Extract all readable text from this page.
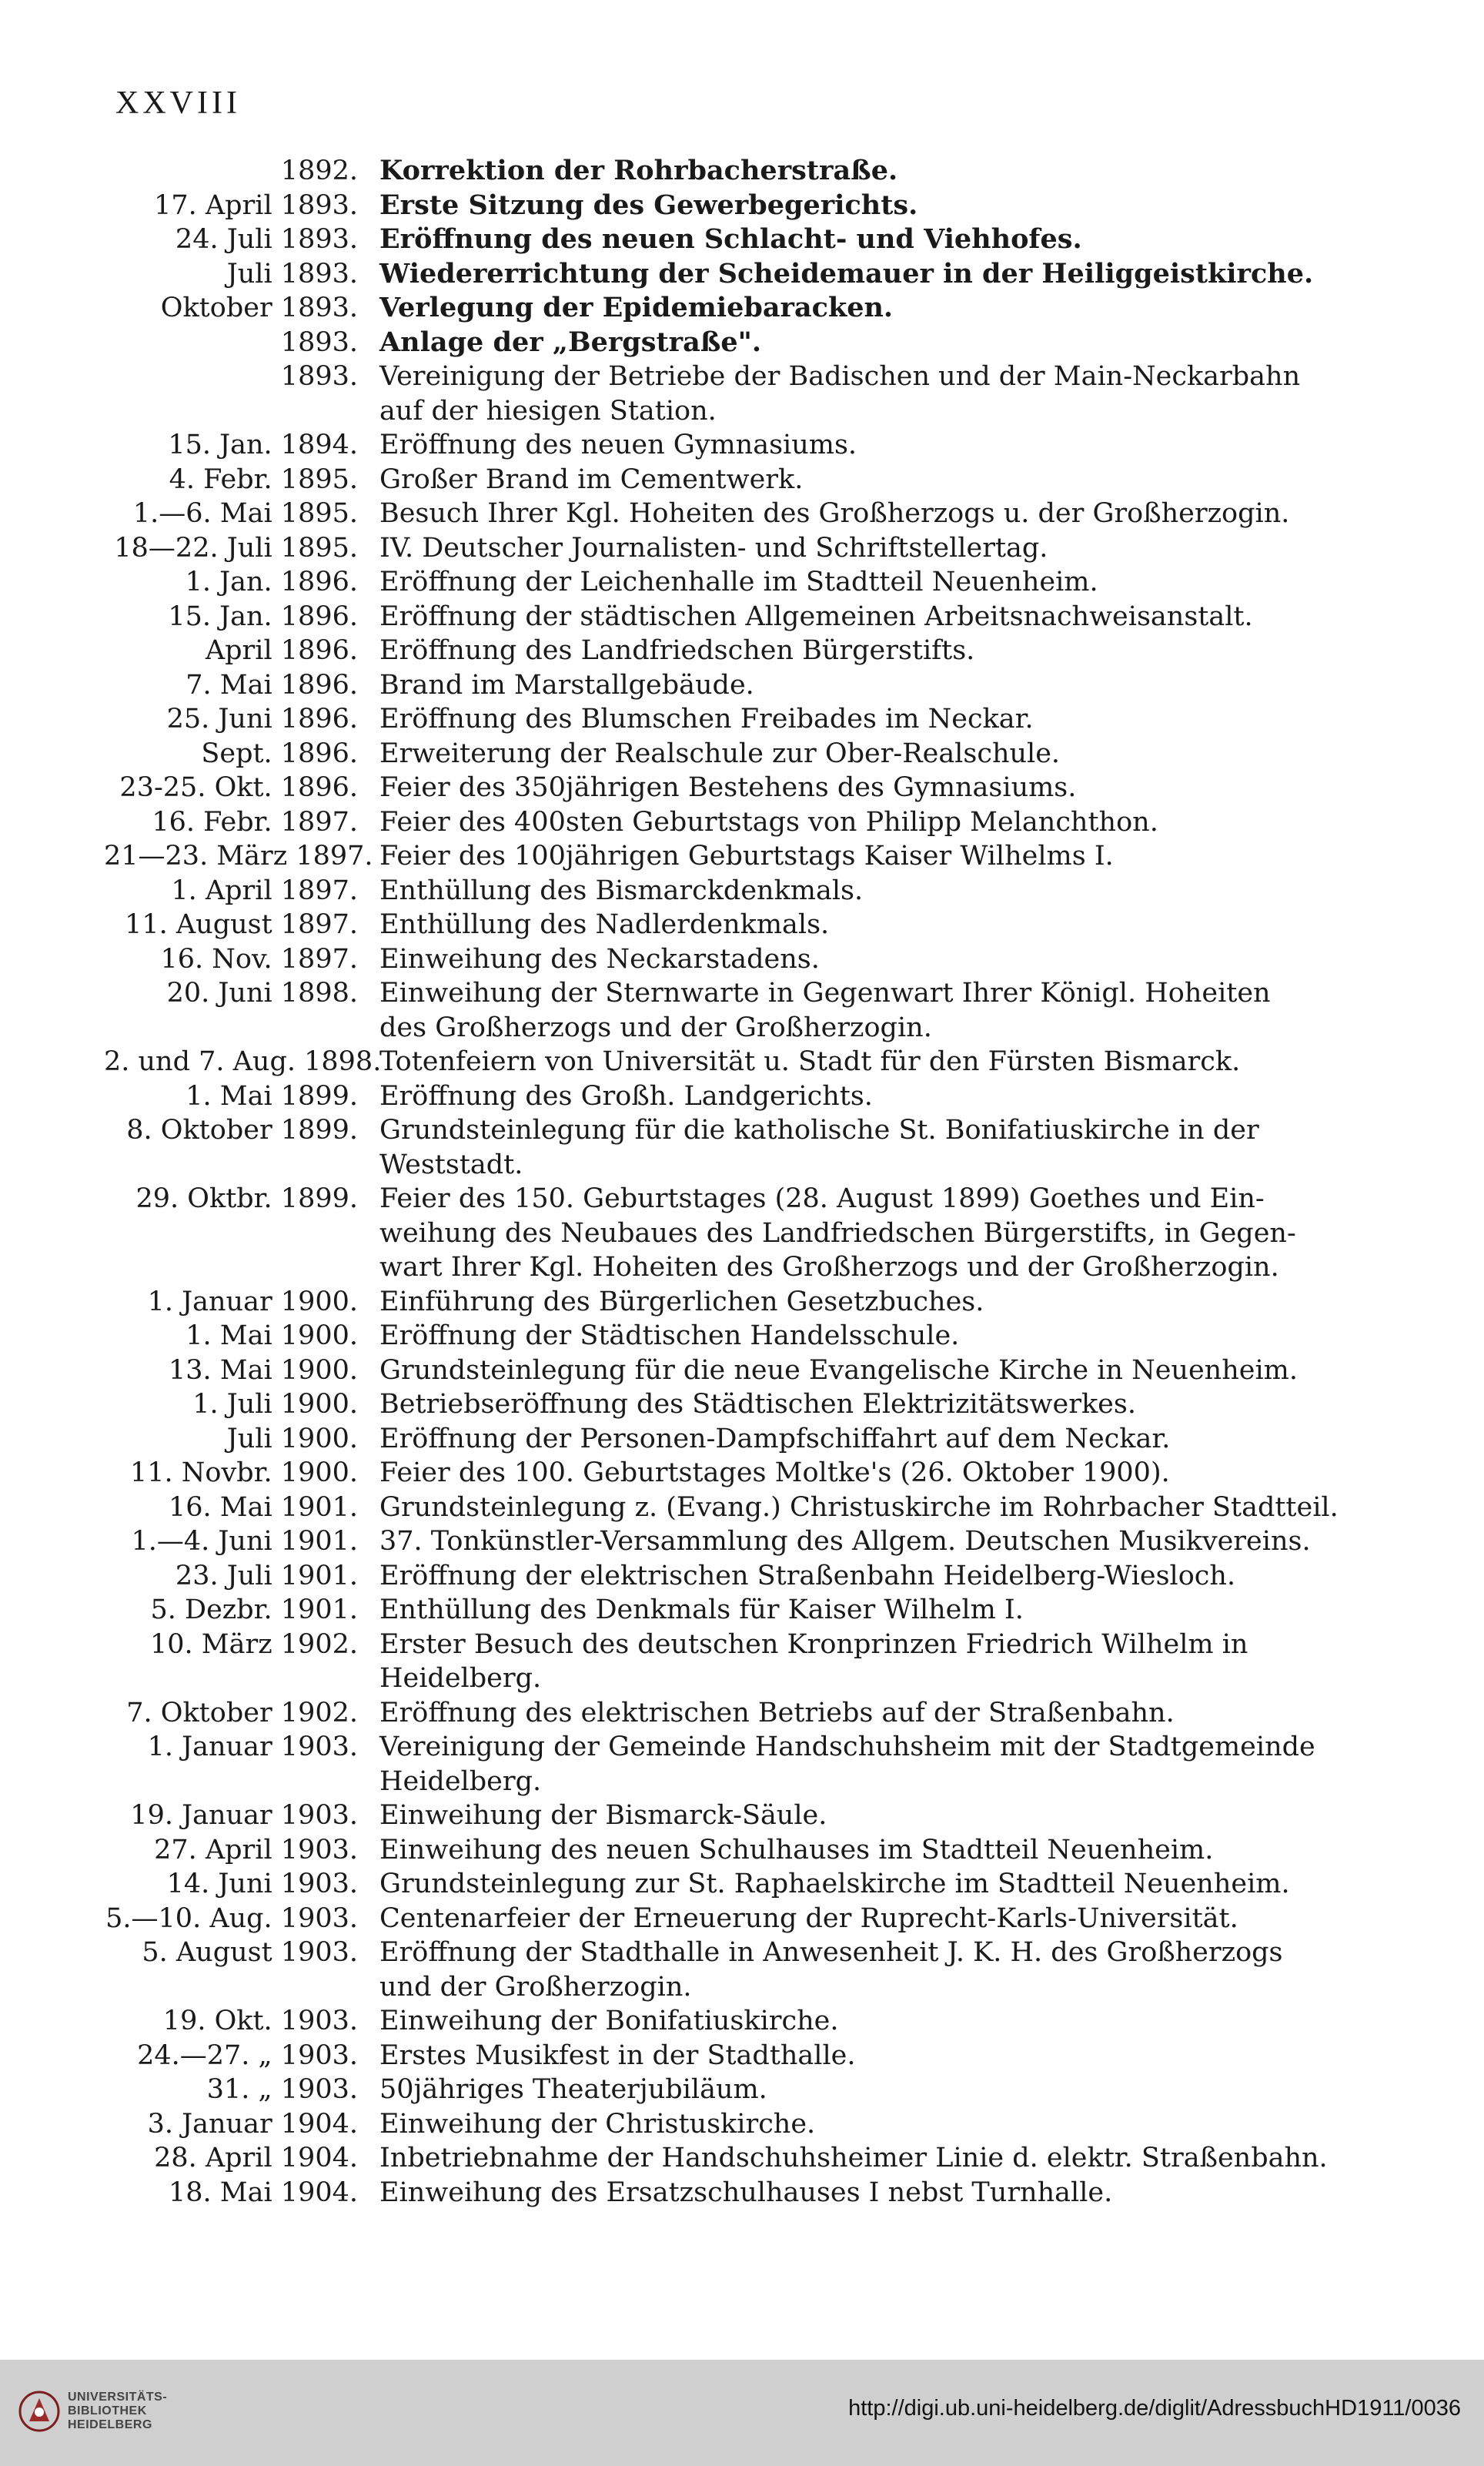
XXVIII
1892. Korrektion der Rohrbacherstraße.
17. April 1893. Erste Sitzung des Gewerbegerichts.
24. Juli 1893. Eröffnung des neuen Schlacht- und Viehhofes.
Juli 1893. Wiedererrichtung der Scheidemauer in der Heiliggeistkirche.
Oktober 1893. Verlegung der Epidemiebaracken.
1893. Anlage der „Bergstraße".
1893. Vereinigung der Betriebe der Badischen und der Main-Neckarbahn
auf der hiesigen Station.
15. Jan. 1894. Eröffnung des neuen Gymnasiums.
4. Febr. 1895. Großer Brand im Cementwerk.
1.—6. Mai 1895. Besuch Ihrer Kgl. Hoheiten des Großherzogs u. der Großherzogin.
18—22. Juli 1895. IV. Deutscher Journalisten- und Schriftstellertag.
1. Jan. 1896. Eröffnung der Leichenhalle im Stadtteil Neuenheim.
15. Jan. 1896. Eröffnung der städtischen Allgemeinen Arbeitsnachweisanstalt.
April 1896. Eröffnung des Landfriedschen Bürgerstifts.
7. Mai 1896. Brand im Marstallgebäude.
25. Juni 1896. Eröffnung des Blumschen Freibades im Neckar.
Sept. 1896. Erweiterung der Realschule zur Ober-Realschule.
23-25. Okt. 1896. Feier des 350jährigen Bestehens des Gymnasiums.
16. Febr. 1897. Feier des 400sten Geburtstags von Philipp Melanchthon.
21—23. März 1897. Feier des 100jährigen Geburtstags Kaiser Wilhelms I.
1. April 1897. Enthüllung des Bismarckdenkmals.
11. August 1897. Enthüllung des Nadlerdenkmals.
16. Nov. 1897. Einweihung des Neckarstadens.
20. Juni 1898. Einweihung der Sternwarte in Gegenwart Ihrer Königl. Hoheiten
des Großherzogs und der Großherzogin.
2. und 7. Aug. 1898.
Totenfeiern von Universität u. Stadt für den Fürsten Bismarck.
1. Mai 1899. Eröffnung des Großh. Landgerichts.
8. Oktober 1899. Grundsteinlegung für die katholische St. Bonifatiuskirche in der
Weststadt.
29. Oktbr. 1899. Feier des 150. Geburtstages (28. August 1899) Goethes und Ein-
weihung des Neubaues des Landfriedschen Bürgerstifts, in Gegen-
wart Ihrer Kgl. Hoheiten des Großherzogs und der Großherzogin.
1. Januar 1900. Einführung des Bürgerlichen Gesetzbuches.
1. Mai 1900. Eröffnung der Städtischen Handelsschule.
13. Mai 1900. Grundsteinlegung für die neue Evangelische Kirche in Neuenheim.
1. Juli 1900. Betriebseröffnung des Städtischen Elektrizitätswerkes.
Juli 1900. Eröffnung der Personen-Dampfschiffahrt auf dem Neckar.
11. Novbr. 1900. Feier des 100. Geburtstages Moltke's (26. Oktober 1900).
16. Mai 1901. Grundsteinlegung z. (Evang.) Christuskirche im Rohrbacher Stadtteil.
1.—4. Juni 1901. 37. Tonkünstler-Versammlung des Allgem. Deutschen Musikvereins.
23. Juli 1901. Eröffnung der elektrischen Straßenbahn Heidelberg-Wiesloch.
5. Dezbr. 1901. Enthüllung des Denkmals für Kaiser Wilhelm I.
10. März 1902. Erster Besuch des deutschen Kronprinzen Friedrich Wilhelm in
Heidelberg.
7. Oktober 1902. Eröffnung des elektrischen Betriebs auf der Straßenbahn.
1. Januar 1903. Vereinigung der Gemeinde Handschuhsheim mit der Stadtgemeinde
Heidelberg.
19. Januar 1903. Einweihung der Bismarck-Säule.
27. April 1903. Einweihung des neuen Schulhauses im Stadtteil Neuenheim.
14. Juni 1903. Grundsteinlegung zur St. Raphaelskirche im Stadtteil Neuenheim.
5.—10. Aug. 1903. Centenarfeier der Erneuerung der Ruprecht-Karls-Universität.
5. August 1903. Eröffnung der Stadthalle in Anwesenheit J. K. H. des Großherzogs
und der Großherzogin.
19. Okt. 1903. Einweihung der Bonifatiuskirche.
24.—27. „ 1903. Erstes Musikfest in der Stadthalle.
31. „ 1903. 50jähriges Theaterjubiläum.
3. Januar 1904. Einweihung der Christuskirche.
28. April 1904. Inbetriebnahme der Handschuhsheimer Linie d. elektr. Straßenbahn.
18. Mai 1904. Einweihung des Ersatzschulhauses I nebst Turnhalle.
UNIVERSITÄTS-
BIBLIOTHEK
HEIDELBERG
http://digi.ub.uni-heidelberg.de/diglit/AdressbuchHD1911/0036
